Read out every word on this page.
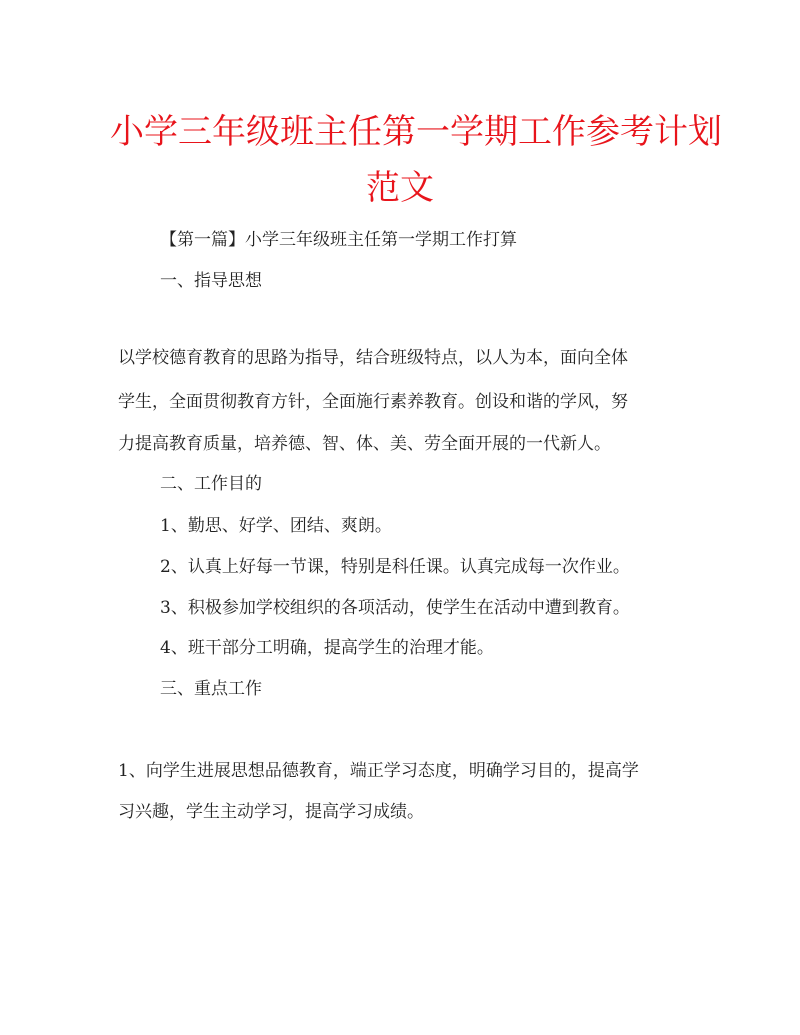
小学三年级班主任第一学期工作参考计划
范文

【第一篇】小学三年级班主任第一学期工作打算

一、指导思想

以学校德育教育的思路为指导，结合班级特点，以人为本，面向全体

学生，全面贯彻教育方针，全面施行素养教育。创设和谐的学风，努

力提高教育质量，培养德、智、体、美、劳全面开展的一代新人。

二、工作目的

1、勤思、好学、团结、爽朗。

2、认真上好每一节课，特别是科任课。认真完成每一次作业。

3、积极参加学校组织的各项活动，使学生在活动中遭到教育。

4、班干部分工明确，提高学生的治理才能。

三、重点工作

1、向学生进展思想品德教育，端正学习态度，明确学习目的，提高学

习兴趣，学生主动学习，提高学习成绩。
